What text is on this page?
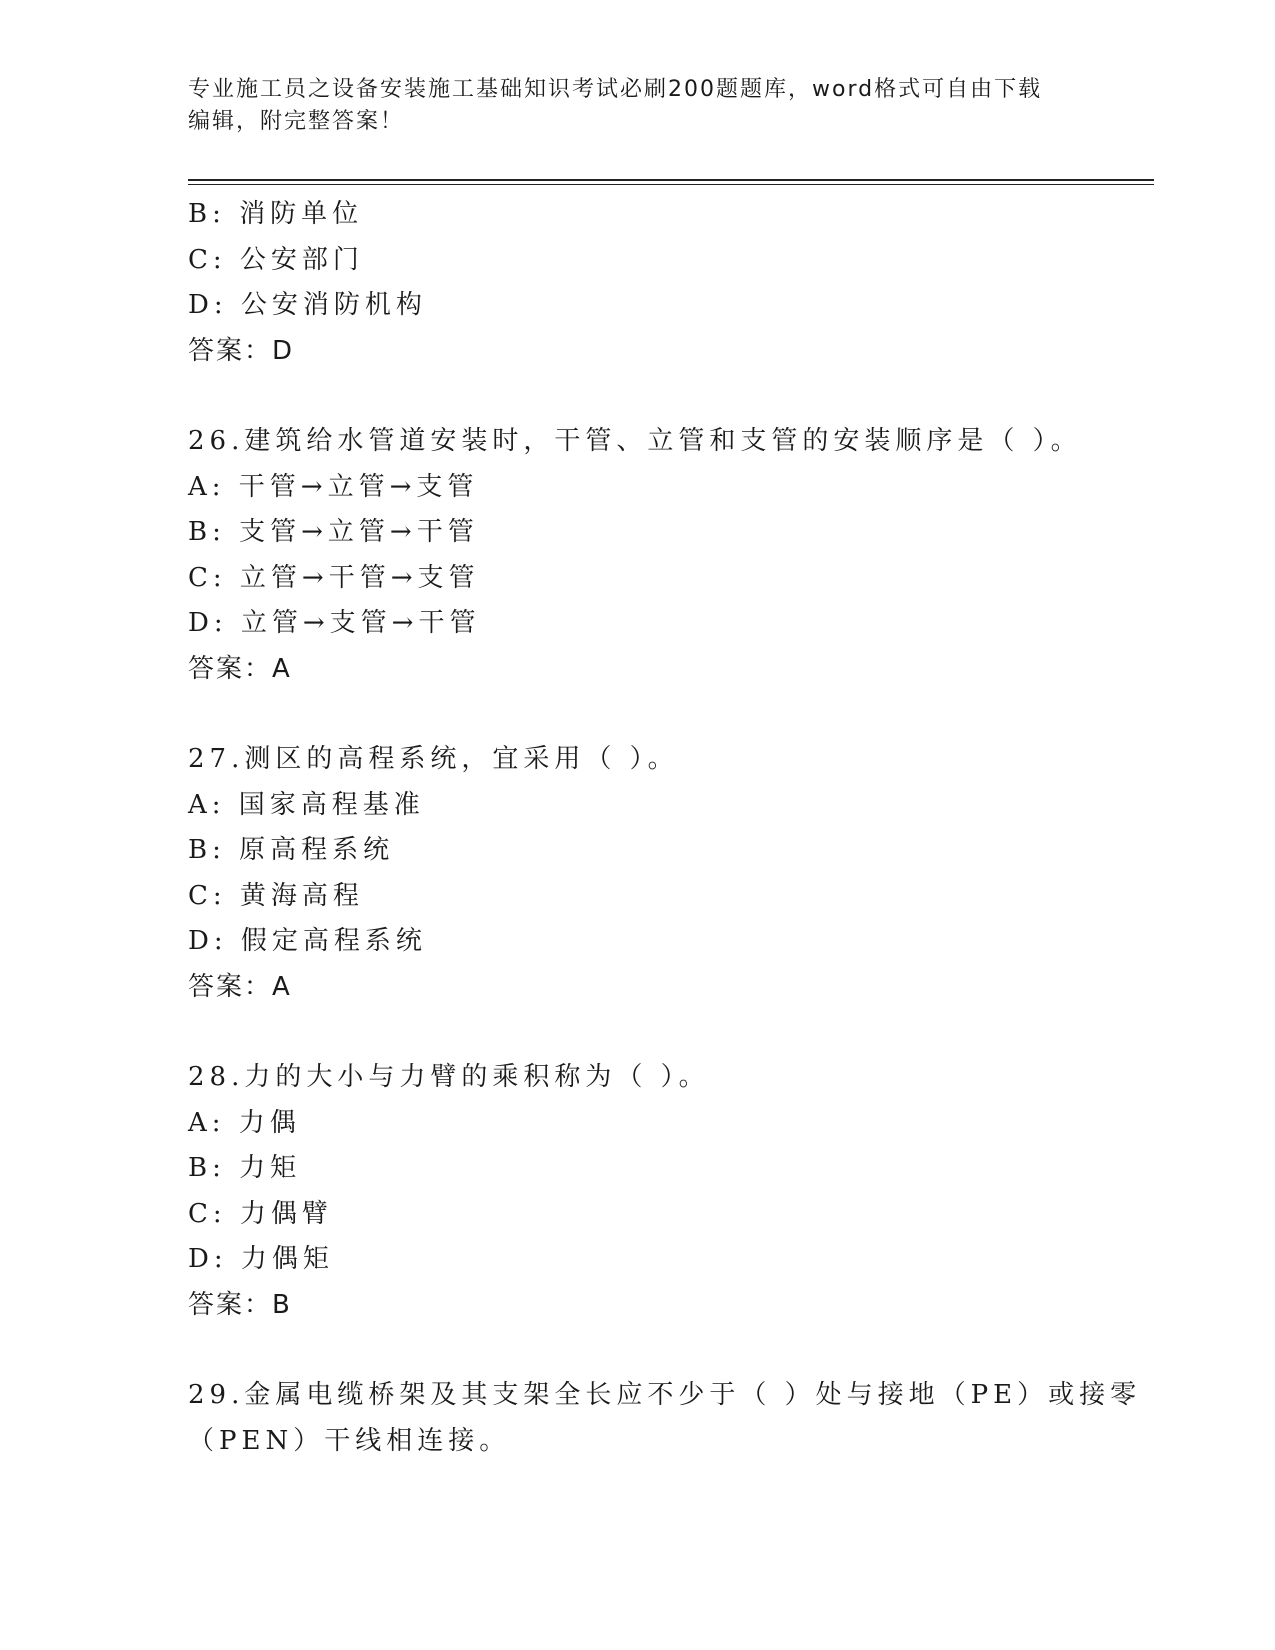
专业施工员之设备安装施工基础知识考试必刷200题题库，word格式可自由下载
编辑，附完整答案！
B: 消防单位
C: 公安部门
D: 公安消防机构
答案：D
26.建筑给水管道安装时，干管、立管和支管的安装顺序是（ ）。
A: 干管→立管→支管
B: 支管→立管→干管
C: 立管→干管→支管
D: 立管→支管→干管
答案：A
27.测区的高程系统，宜采用（ ）。
A: 国家高程基准
B: 原高程系统
C: 黄海高程
D: 假定高程系统
答案：A
28.力的大小与力臂的乘积称为（ ）。
A: 力偶
B: 力矩
C: 力偶臂
D: 力偶矩
答案：B
29.金属电缆桥架及其支架全长应不少于（ ）处与接地（PE）或接零
（PEN）干线相连接。
